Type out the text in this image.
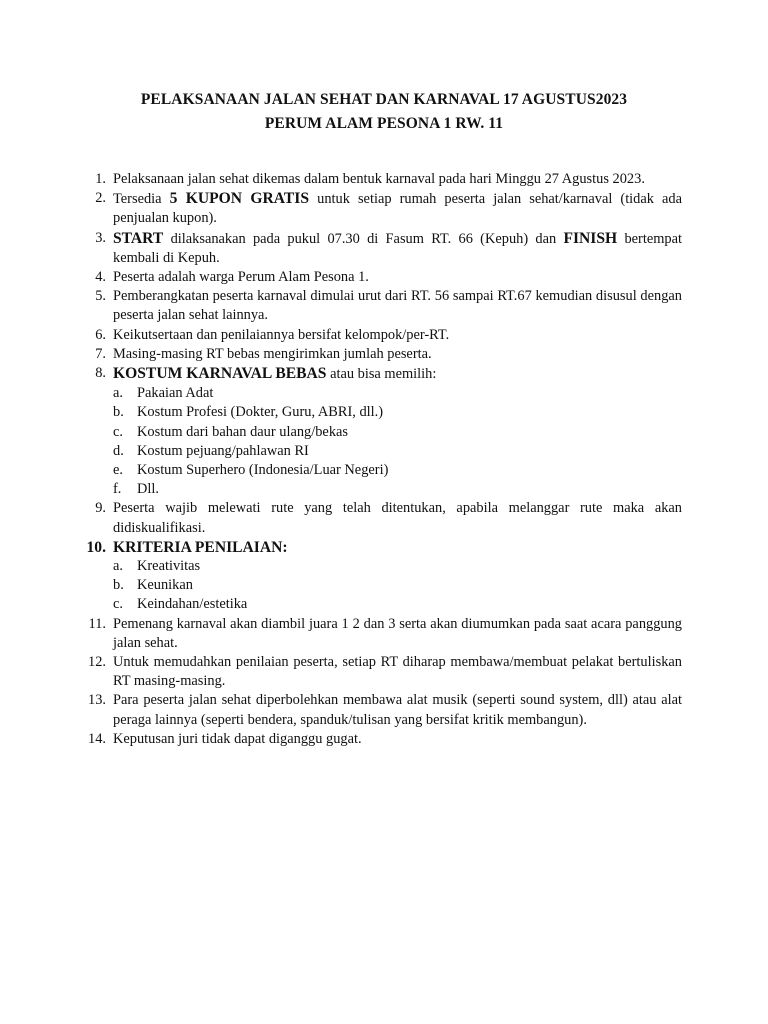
PELAKSANAAN JALAN SEHAT DAN KARNAVAL 17 AGUSTUS2023
PERUM ALAM PESONA 1 RW. 11
1. Pelaksanaan jalan sehat dikemas dalam bentuk karnaval pada hari Minggu 27 Agustus 2023.
2. Tersedia 5 KUPON GRATIS untuk setiap rumah peserta jalan sehat/karnaval (tidak ada penjualan kupon).
3. START dilaksanakan pada pukul 07.30 di Fasum RT. 66 (Kepuh) dan FINISH bertempat kembali di Kepuh.
4. Peserta adalah warga Perum Alam Pesona 1.
5. Pemberangkatan peserta karnaval dimulai urut dari RT. 56 sampai RT.67 kemudian disusul dengan peserta jalan sehat lainnya.
6. Keikutsertaan dan penilaiannya bersifat kelompok/per-RT.
7. Masing-masing RT bebas mengirimkan jumlah peserta.
8. KOSTUM KARNAVAL BEBAS atau bisa memilih:
a. Pakaian Adat
b. Kostum Profesi (Dokter, Guru, ABRI, dll.)
c. Kostum dari bahan daur ulang/bekas
d. Kostum pejuang/pahlawan RI
e. Kostum Superhero (Indonesia/Luar Negeri)
f.	Dll.
9. Peserta wajib melewati rute yang telah ditentukan, apabila melanggar rute maka akan didiskualifikasi.
10. KRITERIA PENILAIAN:
a. Kreativitas
b. Keunikan
c. Keindahan/estetika
11. Pemenang karnaval akan diambil juara 1 2 dan 3 serta akan diumumkan pada saat acara panggung jalan sehat.
12. Untuk memudahkan penilaian peserta, setiap RT diharap membawa/membuat pelakat bertuliskan RT masing-masing.
13. Para peserta jalan sehat diperbolehkan membawa alat musik (seperti sound system, dll) atau alat peraga lainnya (seperti bendera, spanduk/tulisan yang bersifat kritik membangun).
14. Keputusan juri tidak dapat diganggu gugat.
